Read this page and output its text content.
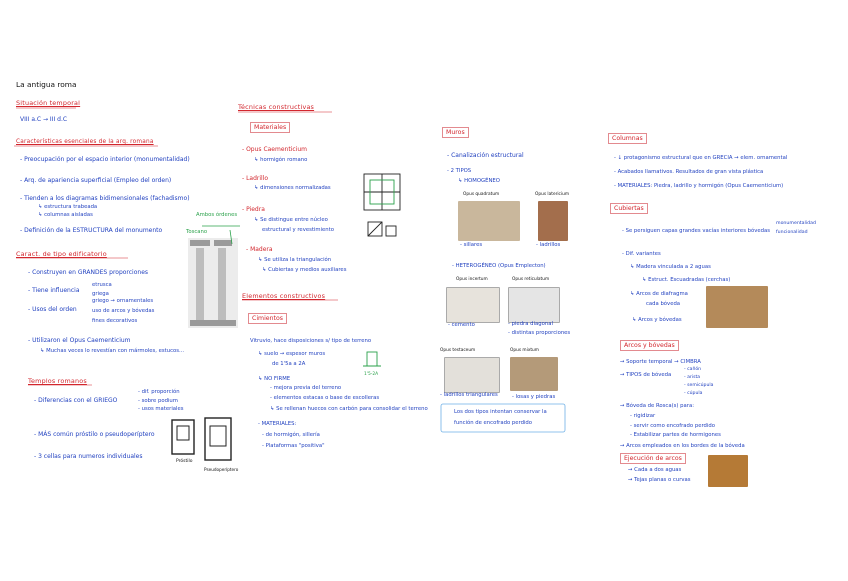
La antigua roma
Situación temporal
VIII a.C → III d.C
Características esenciales de la arq. romana
- Preocupación por el espacio interior (monumentalidad)
- Arq. de apariencia superficial (Empleo del orden)
- Tienden a los diagramas bidimensionales (fachadismo)
↳ estructura trabeada
↳ columnas aisladas
- Definición de la ESTRUCTURA del monumento
Caract. de tipo edificatorio
- Construyen en GRANDES proporciones
- Tiene influencia
etrusca
griega
- Usos del orden
griego → ornamentales
uso de arcos y bóvedas
fines decorativos
- Utilizaron el Opus Caementicium
↳ Muchas veces lo revestían con mármoles, estucos...
Templos romanos
- Diferencias con el GRIEGO
- dif. proporción
- sobre podium
- usos materiales
- MÁS común próstilo o pseudoperíptero
- 3 cellas para numeros individuales
Ambos órdenes
Toscano
Próstilo
Pseudoperíptero
Técnicas constructivas
Materiales
- Opus Caementicium
↳ hormigón romano
- Ladrillo
↳ dimensiones normalizadas
- Piedra
↳ Se distingue entre núcleo
estructural y revestimiento
- Madera
↳ Se utiliza la triangulación
↳ Cubiertas y medios auxiliares
Elementos constructivos
Cimientos
Vitruvio, hace disposiciones s/ tipo de terreno
↳ suelo → espesor muros
de 1'5a a 2A
↳ NO FIRME
- mejora previa del terreno
- elementos estacas o base de escolleras
↳ Se rellenan huecos con carbón para consolidar el terreno
- MATERIALES:
- de hormigón, sillería
- Plataformas "positiva"
1'5-2A
Muros
- Canalización estructural
- 2 TIPOS
↳ HOMOGÉNEO
Opus quadratum	Opus latericium
- sillares	- ladrillos
- HETEROGÉNEO (Opus Emplecton)
Opus incertum	Opus reticulatum
- cemento	- piedra diagonal
- distintas proporciones
Opus testaceum	Opus mixtum
- ladrillos triangulares	- losas y piedras
Los dos tipos intentan conservar la
función de encofrado perdido
Columnas
- ↓ protagonismo estructural que en GRECIA → elem. ornamental
- Acabados llamativos. Resultados de gran vista plástica
- MATERIALES: Piedra, ladrillo y hormigón (Opus Caementicium)
Cubiertas
- Se persiguen capas grandes vacías interiores bóvedas
monumentalidad
funcionalidad
- Dif. variantes
↳ Madera vinculada a 2 aguas
↳ Estruct. Escuadradas (cerchas)
↳ Arcos de diafragma
cada bóveda
↳ Arcos y bóvedas
Arcos y bóvedas
→ Soporte temporal → CIMBRA
→ TIPOS de bóveda
- cañón
- arista
- semicúpula
- cúpula
→ Bóveda de Rosca(s) para:
- rigidizar
- servir como encofrado perdido
- Estabilizar partes de hormigones
→ Arcos empleados en los bordes de la bóveda
Ejecución de arcos
→ Cada a dos aguas
→ Tejas planas o curvas
